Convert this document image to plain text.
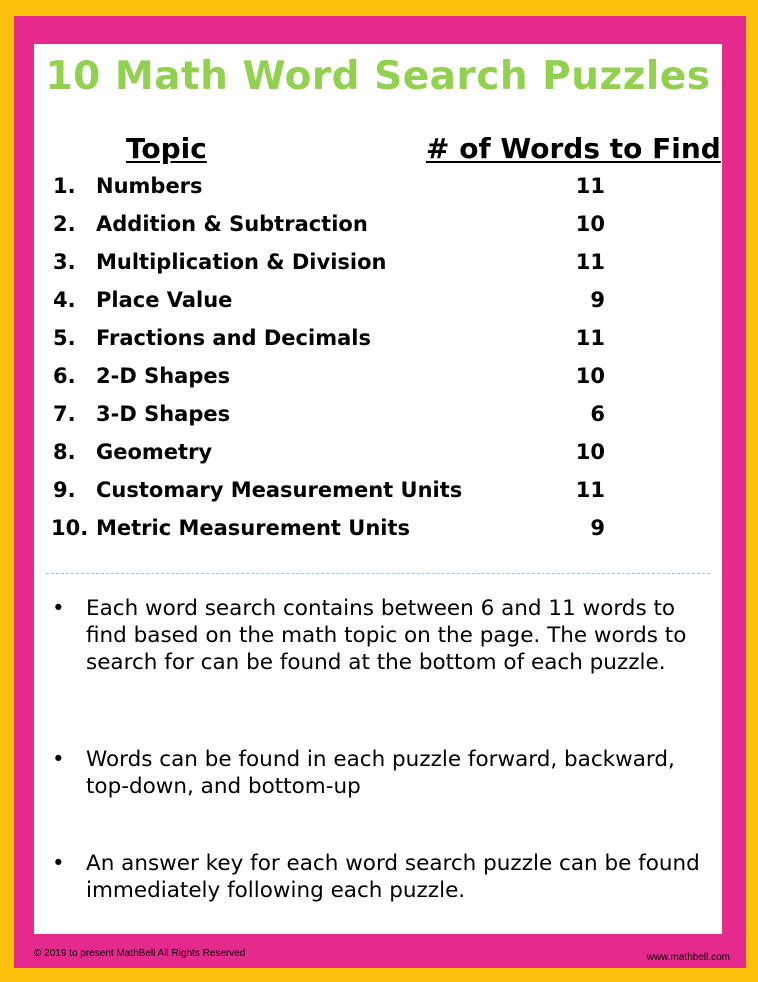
10 Math Word Search Puzzles
Topic	# of Words to Find
1. Numbers	11
2. Addition & Subtraction	10
3. Multiplication & Division	11
4. Place Value	9
5. Fractions and Decimals	11
6. 2-D Shapes	10
7. 3-D Shapes	6
8. Geometry	10
9. Customary Measurement Units	11
10. Metric Measurement Units	9
• Each word search contains between 6 and 11 words to find based on the math topic on the page. The words to search for can be found at the bottom of each puzzle.
• Words can be found in each puzzle forward, backward, top-down, and bottom-up
• An answer key for each word search puzzle can be found immediately following each puzzle.
© 2019 to present MathBell All Rights Reserved	www.mathbell.com
